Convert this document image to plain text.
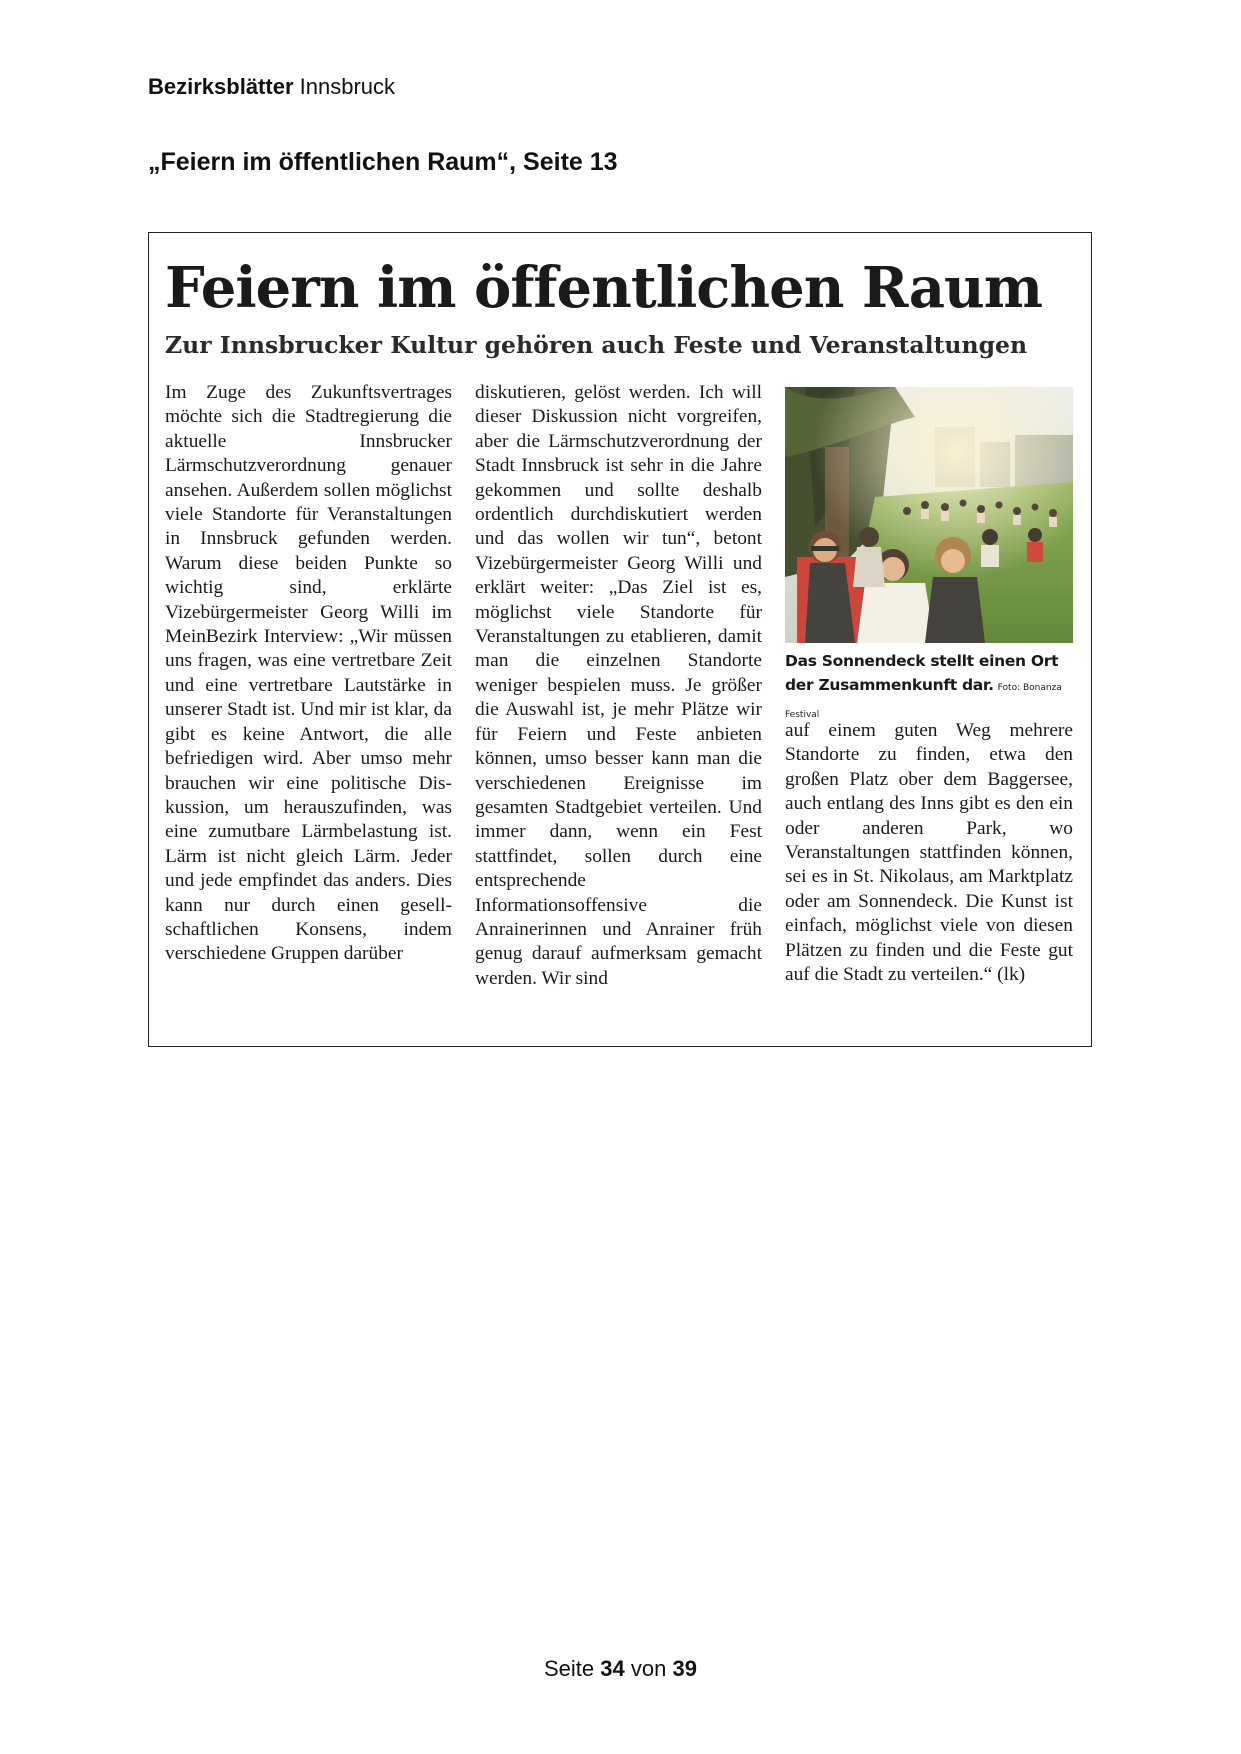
Bezirksblätter Innsbruck
„Feiern im öffentlichen Raum“, Seite 13
Feiern im öffentlichen Raum
Zur Innsbrucker Kultur gehören auch Feste und Veranstaltungen
Im Zuge des Zukunftsvertrages möchte sich die Stadtregierung die aktuelle Innsbrucker Lärmschutzverordnung genauer ansehen. Außerdem sollen möglichst viele Standorte für Veranstaltungen in Innsbruck gefunden werden. Warum diese beiden Punkte so wichtig sind, erklärte Vizebürgermeister Georg Willi im MeinBezirk Interview: „Wir müssen uns fragen, was eine vertretbare Zeit und eine vertretbare Lautstärke in unserer Stadt ist. Und mir ist klar, da gibt es keine Antwort, die alle befriedigen wird. Aber umso mehr brauchen wir eine politische Diskussion, um herauszufinden, was eine zumutbare Lärmbelastung ist. Lärm ist nicht gleich Lärm. Jeder und jede empfindet das anders. Dies kann nur durch einen gesellschaftlichen Konsens, indem verschiedene Gruppen darüber
diskutieren, gelöst werden. Ich will dieser Diskussion nicht vorgreifen, aber die Lärmschutzverordnung der Stadt Innsbruck ist sehr in die Jahre gekommen und sollte deshalb ordentlich durchdiskutiert werden und das wollen wir tun“, betont Vizebürgermeister Georg Willi und erklärt weiter: „Das Ziel ist es, möglichst viele Standorte für Veranstaltungen zu etablieren, damit man die einzelnen Standorte weniger bespielen muss. Je größer die Auswahl ist, je mehr Plätze wir für Feiern und Feste anbieten können, umso besser kann man die verschiedenen Ereignisse im gesamten Stadtgebiet verteilen. Und immer dann, wenn ein Fest stattfindet, sollen durch eine entsprechende Informationsoffensive die Anrainerinnen und Anrainer früh genug darauf aufmerksam gemacht werden. Wir sind
Das Sonnendeck stellt einen Ort der Zusammenkunft dar. Foto: Bonanza Festival
auf einem guten Weg mehrere Standorte zu finden, etwa den großen Platz ober dem Baggersee, auch entlang des Inns gibt es den ein oder anderen Park, wo Veranstaltungen stattfinden können, sei es in St. Nikolaus, am Marktplatz oder am Sonnendeck. Die Kunst ist einfach, möglichst viele von diesen Plätzen zu finden und die Feste gut auf die Stadt zu verteilen.“ (lk)
Seite 34 von 39
